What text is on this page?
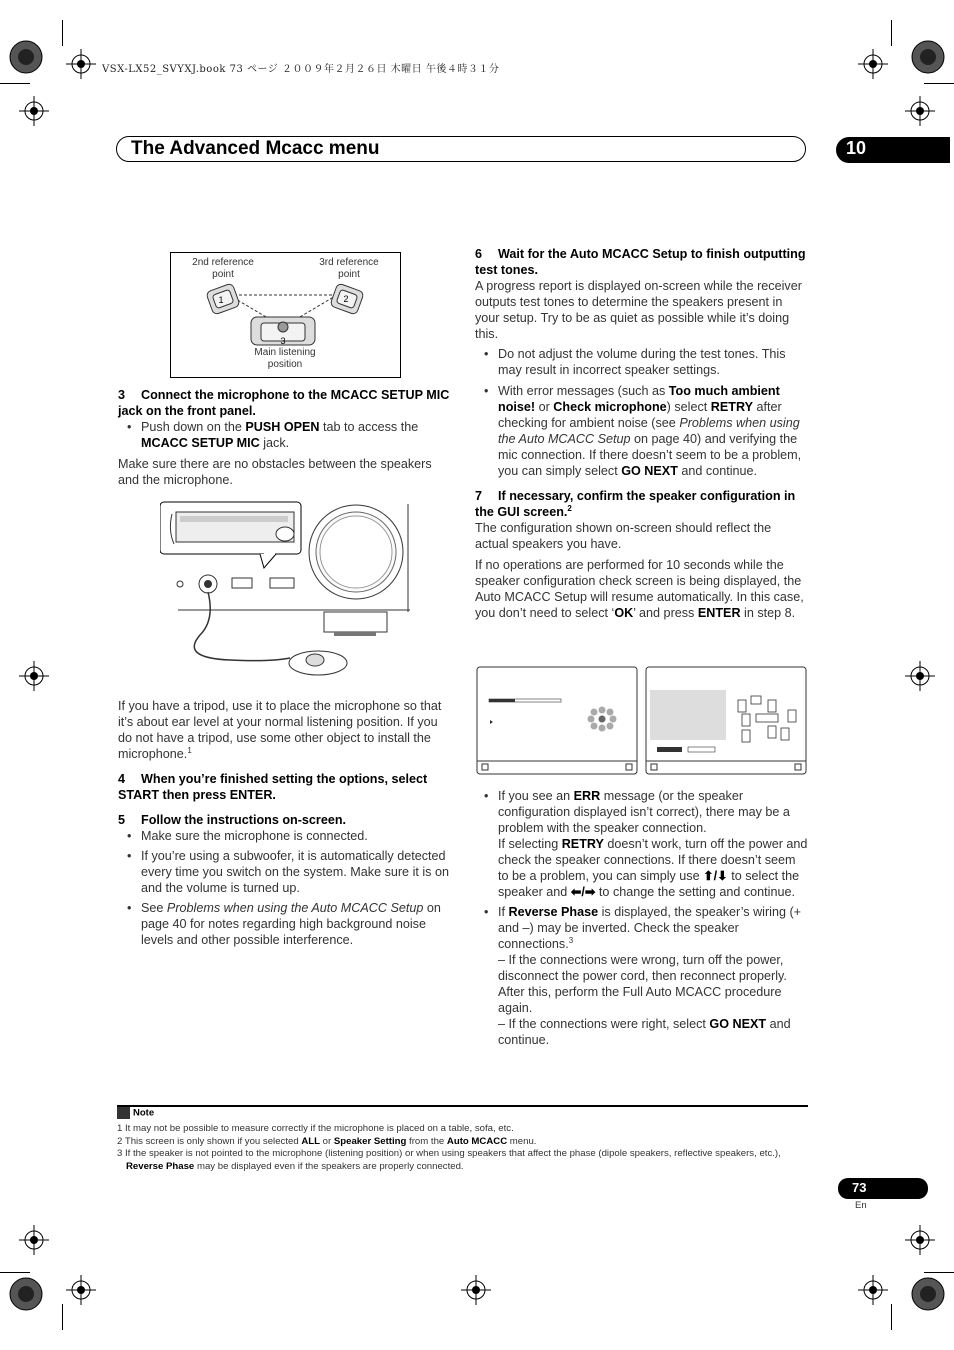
VSX-LX52_SVYXJ.book 73 ページ ２００９年２月２６日 木曜日 午後４時３１分
The Advanced Mcacc menu	10
2nd reference point
3rd reference point
1	2
3
Main listening position

3 Connect the microphone to the MCACC SETUP MIC jack on the front panel.

• Push down on the PUSH OPEN tab to access the MCACC SETUP MIC jack.

Make sure there are no obstacles between the speakers and the microphone.

If you have a tripod, use it to place the microphone so that it’s about ear level at your normal listening position. If you do not have a tripod, use some other object to install the microphone.$^1$

4 When you’re finished setting the options, select START then press ENTER.

5 Follow the instructions on-screen.

• Make sure the microphone is connected.
• If you’re using a subwoofer, it is automatically detected every time you switch on the system. Make sure it is on and the volume is turned up.
• See Problems when using the Auto MCACC Setup on page 40 for notes regarding high background noise levels and other possible interference.

6 Wait for the Auto MCACC Setup to finish outputting test tones.

A progress report is displayed on-screen while the receiver outputs test tones to determine the speakers present in your setup. Try to be as quiet as possible while it’s doing this.

• Do not adjust the volume during the test tones. This may result in incorrect speaker settings.
• With error messages (such as Too much ambient noise! or Check microphone) select RETRY after checking for ambient noise (see Problems when using the Auto MCACC Setup on page 40) and verifying the mic connection. If there doesn’t seem to be a problem, you can simply select GO NEXT and continue.

7 If necessary, confirm the speaker configuration in the GUI screen.$^2$

The configuration shown on-screen should reflect the actual speakers you have.

If no operations are performed for 10 seconds while the speaker configuration check screen is being displayed, the Auto MCACC Setup will resume automatically. In this case, you don’t need to select ‘OK’ and press ENTER in step 8.

• If you see an ERR message (or the speaker configuration displayed isn’t correct), there may be a problem with the speaker connection.
If selecting RETRY doesn’t work, turn off the power and check the speaker connections. If there doesn’t seem to be a problem, you can simply use ⬆/⬇ to select the speaker and ⬅/➡ to change the setting and continue.
• If Reverse Phase is displayed, the speaker’s wiring (+ and –) may be inverted. Check the speaker connections.$^3$
– If the connections were wrong, turn off the power, disconnect the power cord, then reconnect properly. After this, perform the Full Auto MCACC procedure again.
– If the connections were right, select GO NEXT and continue.
Note
1 It may not be possible to measure correctly if the microphone is placed on a table, sofa, etc.
2 This screen is only shown if you selected ALL or Speaker Setting from the Auto MCACC menu.
3 If the speaker is not pointed to the microphone (listening position) or when using speakers that affect the phase (dipole speakers, reflective speakers, etc.), Reverse Phase may be displayed even if the speakers are properly connected.
73
En
